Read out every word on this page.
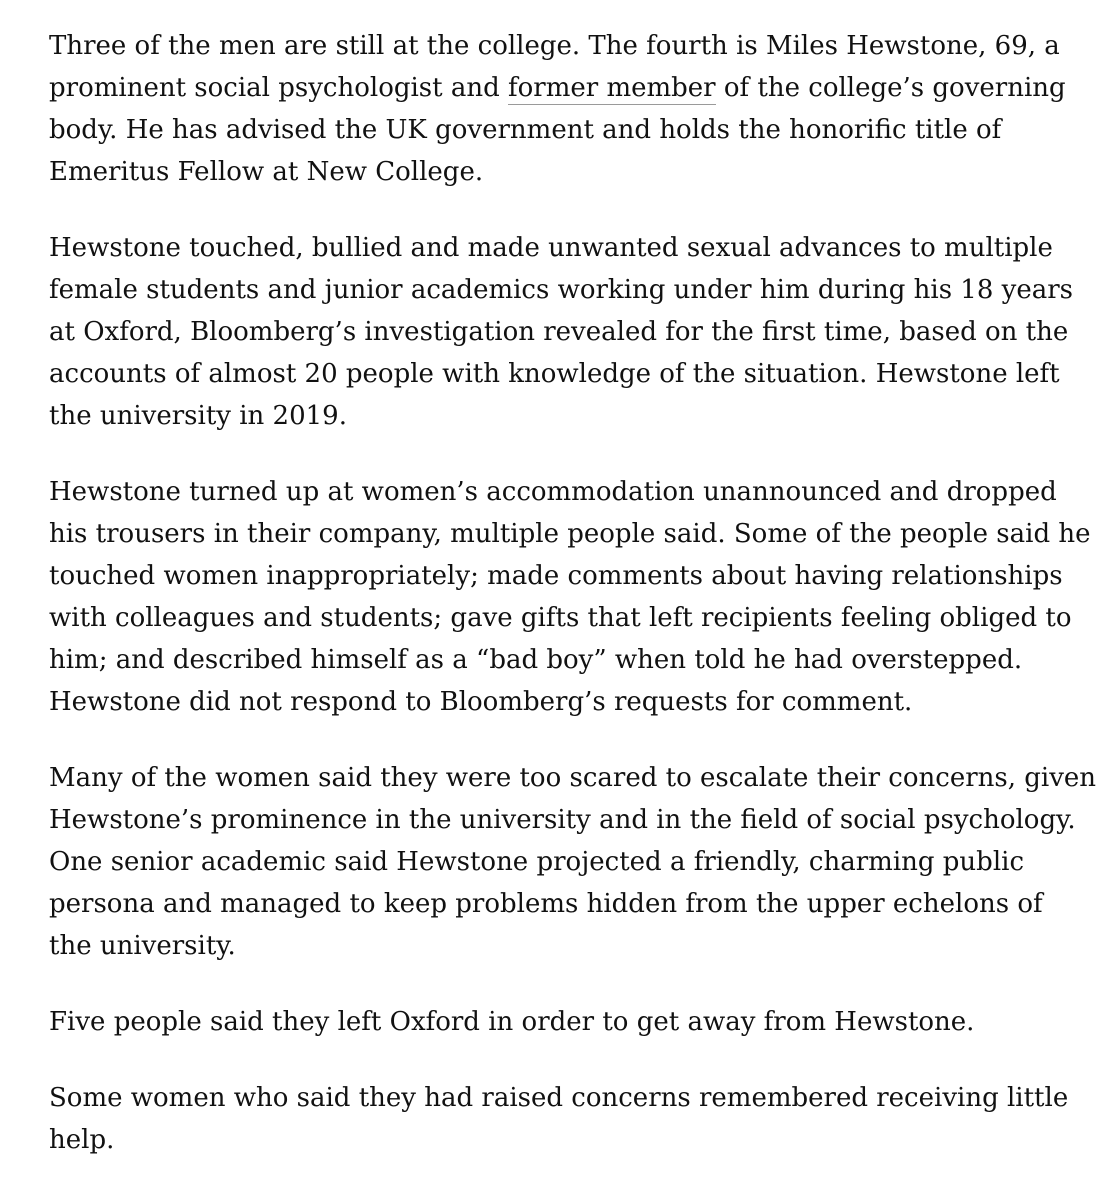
Three of the men are still at the college. The fourth is Miles Hewstone, 69, a
prominent social psychologist and former member of the college’s governing
body. He has advised the UK government and holds the honorific title of
Emeritus Fellow at New College.

Hewstone touched, bullied and made unwanted sexual advances to multiple
female students and junior academics working under him during his 18 years
at Oxford, Bloomberg’s investigation revealed for the first time, based on the
accounts of almost 20 people with knowledge of the situation. Hewstone left
the university in 2019.

Hewstone turned up at women’s accommodation unannounced and dropped
his trousers in their company, multiple people said. Some of the people said he
touched women inappropriately; made comments about having relationships
with colleagues and students; gave gifts that left recipients feeling obliged to
him; and described himself as a “bad boy” when told he had overstepped.
Hewstone did not respond to Bloomberg’s requests for comment.

Many of the women said they were too scared to escalate their concerns, given
Hewstone’s prominence in the university and in the field of social psychology.
One senior academic said Hewstone projected a friendly, charming public
persona and managed to keep problems hidden from the upper echelons of
the university.

Five people said they left Oxford in order to get away from Hewstone.

Some women who said they had raised concerns remembered receiving little
help.
